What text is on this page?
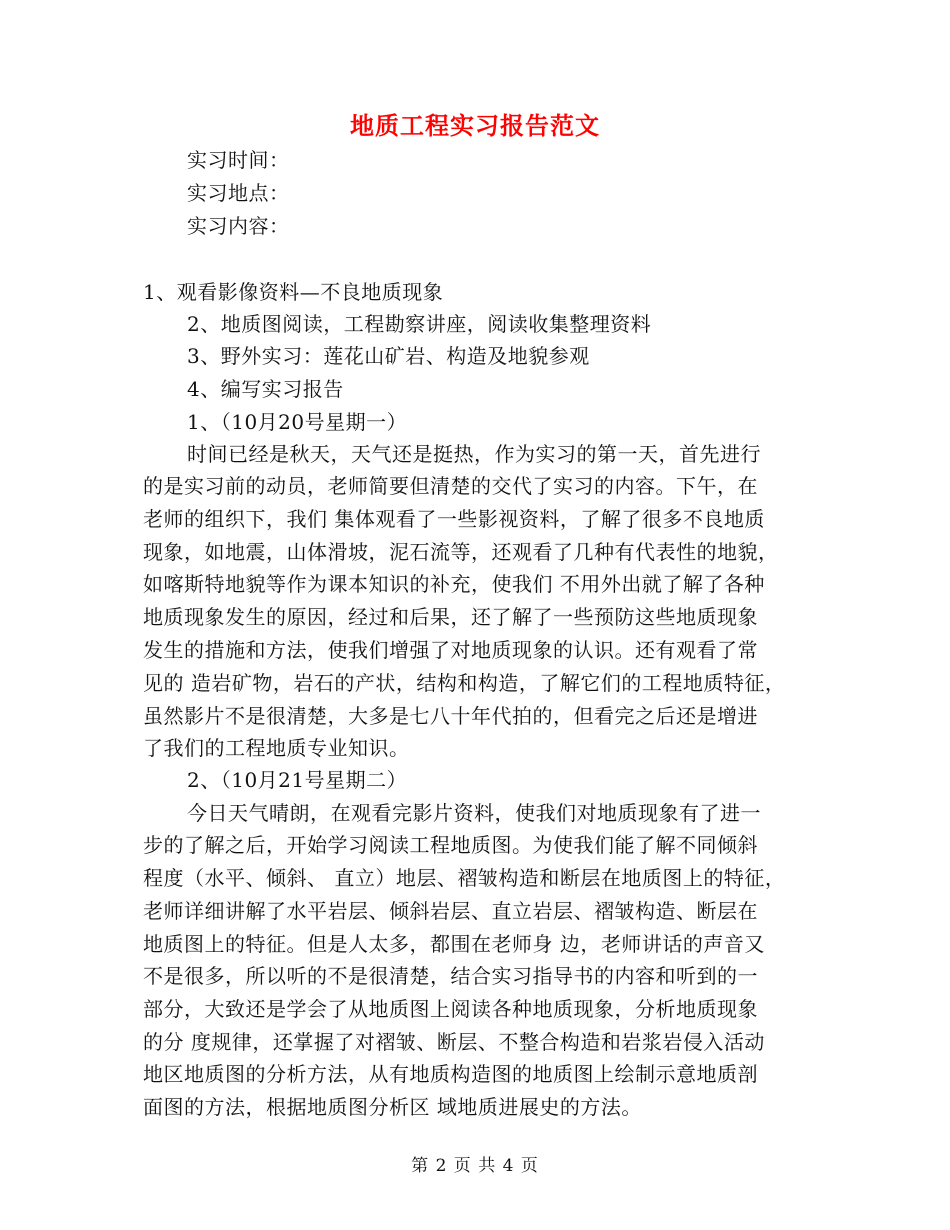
地质工程实习报告范文
实习时间：
实习地点：
实习内容：
1、观看影像资料—不良地质现象
2、地质图阅读，工程勘察讲座，阅读收集整理资料
3、野外实习：莲花山矿岩、构造及地貌参观
4、编写实习报告
1、（10月20号星期一）
时间已经是秋天，天气还是挺热，作为实习的第一天，首先进行
的是实习前的动员，老师简要但清楚的交代了实习的内容。下午，在
老师的组织下，我们 集体观看了一些影视资料，了解了很多不良地质
现象，如地震，山体滑坡，泥石流等，还观看了几种有代表性的地貌，
如喀斯特地貌等作为课本知识的补充，使我们 不用外出就了解了各种
地质现象发生的原因，经过和后果，还了解了一些预防这些地质现象
发生的措施和方法，使我们增强了对地质现象的认识。还有观看了常
见的 造岩矿物，岩石的产状，结构和构造，了解它们的工程地质特征，
虽然影片不是很清楚，大多是七八十年代拍的，但看完之后还是增进
了我们的工程地质专业知识。
2、（10月21号星期二）
今日天气晴朗，在观看完影片资料，使我们对地质现象有了进一
步的了解之后，开始学习阅读工程地质图。为使我们能了解不同倾斜
程度（水平、倾斜、 直立）地层、褶皱构造和断层在地质图上的特征，
老师详细讲解了水平岩层、倾斜岩层、直立岩层、褶皱构造、断层在
地质图上的特征。但是人太多，都围在老师身 边，老师讲话的声音又
不是很多，所以听的不是很清楚，结合实习指导书的内容和听到的一
部分，大致还是学会了从地质图上阅读各种地质现象，分析地质现象
的分 度规律，还掌握了对褶皱、断层、不整合构造和岩浆岩侵入活动
地区地质图的分析方法，从有地质构造图的地质图上绘制示意地质剖
面图的方法，根据地质图分析区 域地质进展史的方法。
第 2 页 共 4 页
